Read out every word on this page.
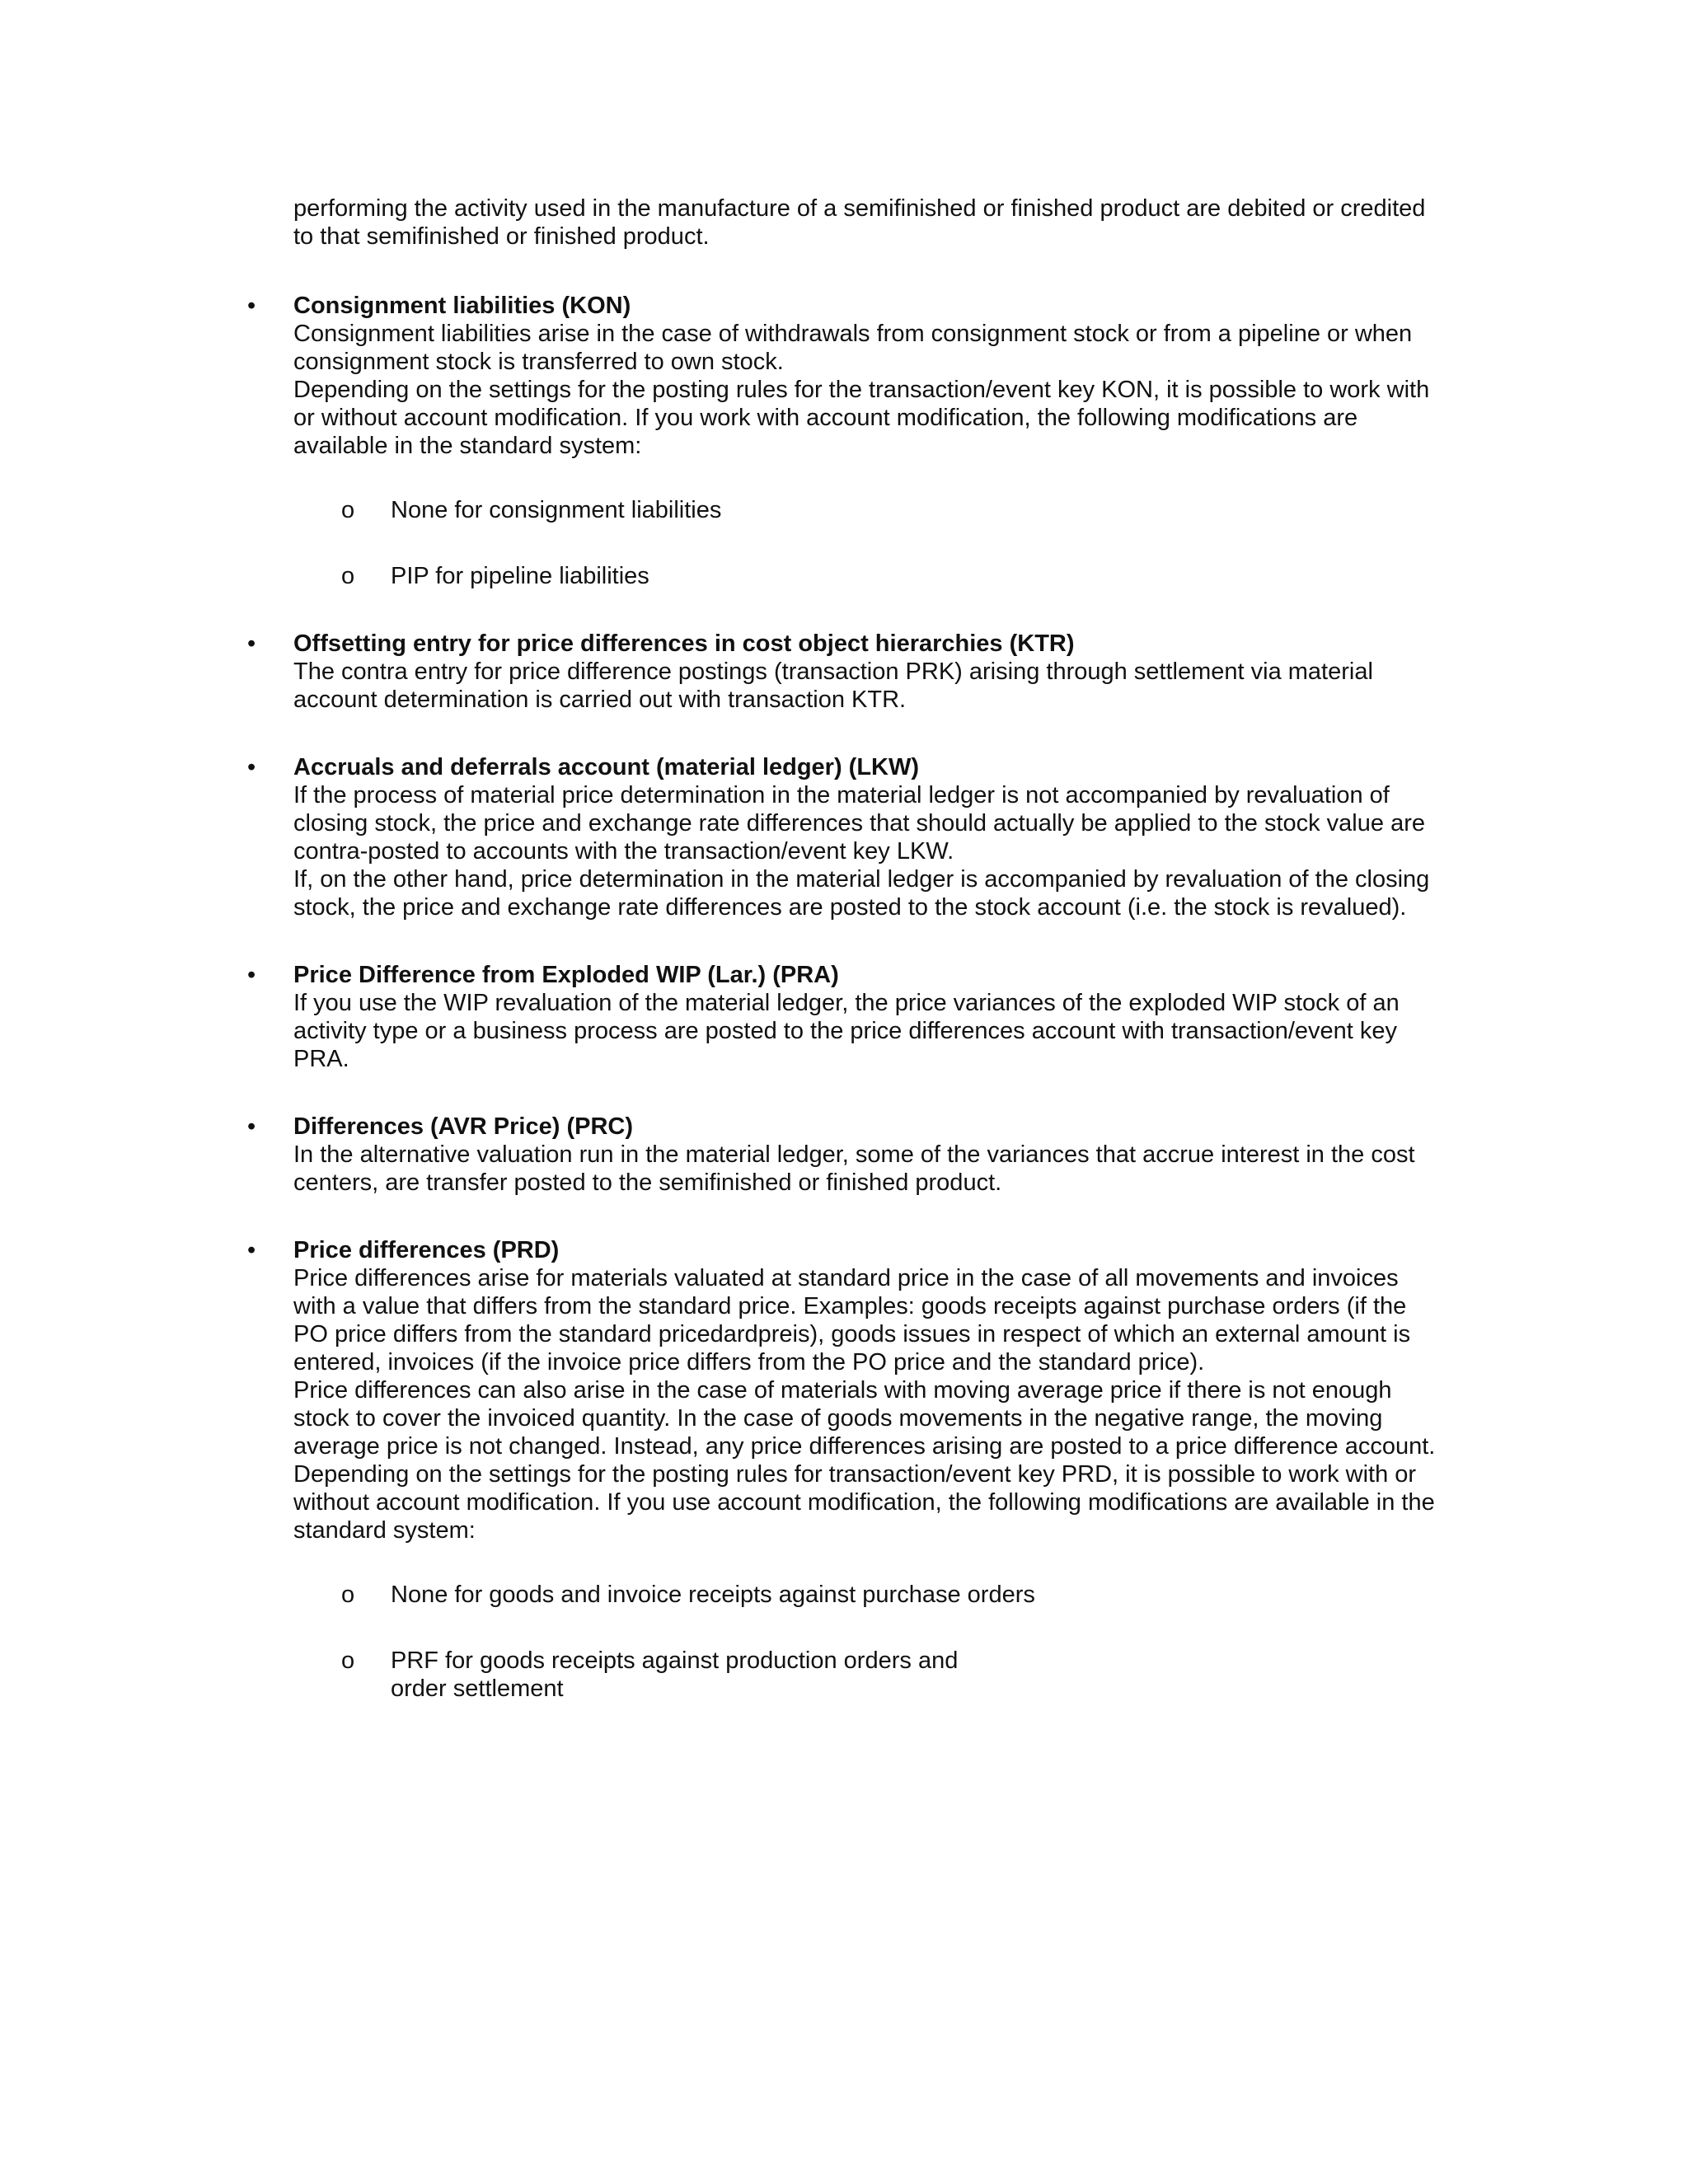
performing the activity used in the manufacture of a semifinished or finished product are debited or credited

to that semifinished or finished product.

• Consignment liabilities (KON)

Consignment liabilities arise in the case of withdrawals from consignment stock or from a pipeline or when

consignment stock is transferred to own stock.

Depending on the settings for the posting rules for the transaction/event key KON, it is possible to work with

or without account modification. If you work with account modification, the following modifications are

available in the standard system:

o None for consignment liabilities

o PIP for pipeline liabilities

• Offsetting entry for price differences in cost object hierarchies (KTR)

The contra entry for price difference postings (transaction PRK) arising through settlement via material

account determination is carried out with transaction KTR.

• Accruals and deferrals account (material ledger) (LKW)

If the process of material price determination in the material ledger is not accompanied by revaluation of

closing stock, the price and exchange rate differences that should actually be applied to the stock value are

contra-posted to accounts with the transaction/event key LKW.

If, on the other hand, price determination in the material ledger is accompanied by revaluation of the closing

stock, the price and exchange rate differences are posted to the stock account (i.e. the stock is revalued).

• Price Difference from Exploded WIP (Lar.) (PRA)

If you use the WIP revaluation of the material ledger, the price variances of the exploded WIP stock of an

activity type or a business process are posted to the price differences account with transaction/event key

PRA.

• Differences (AVR Price) (PRC)

In the alternative valuation run in the material ledger, some of the variances that accrue interest in the cost

centers, are transfer posted to the semifinished or finished product.

• Price differences (PRD)

Price differences arise for materials valuated at standard price in the case of all movements and invoices

with a value that differs from the standard price. Examples: goods receipts against purchase orders (if the

PO price differs from the standard pricedardpreis), goods issues in respect of which an external amount is

entered, invoices (if the invoice price differs from the PO price and the standard price).

Price differences can also arise in the case of materials with moving average price if there is not enough

stock to cover the invoiced quantity. In the case of goods movements in the negative range, the moving

average price is not changed. Instead, any price differences arising are posted to a price difference account.

Depending on the settings for the posting rules for transaction/event key PRD, it is possible to work with or

without account modification. If you use account modification, the following modifications are available in the

standard system:

o None for goods and invoice receipts against purchase orders

o PRF for goods receipts against production orders and

order settlement
